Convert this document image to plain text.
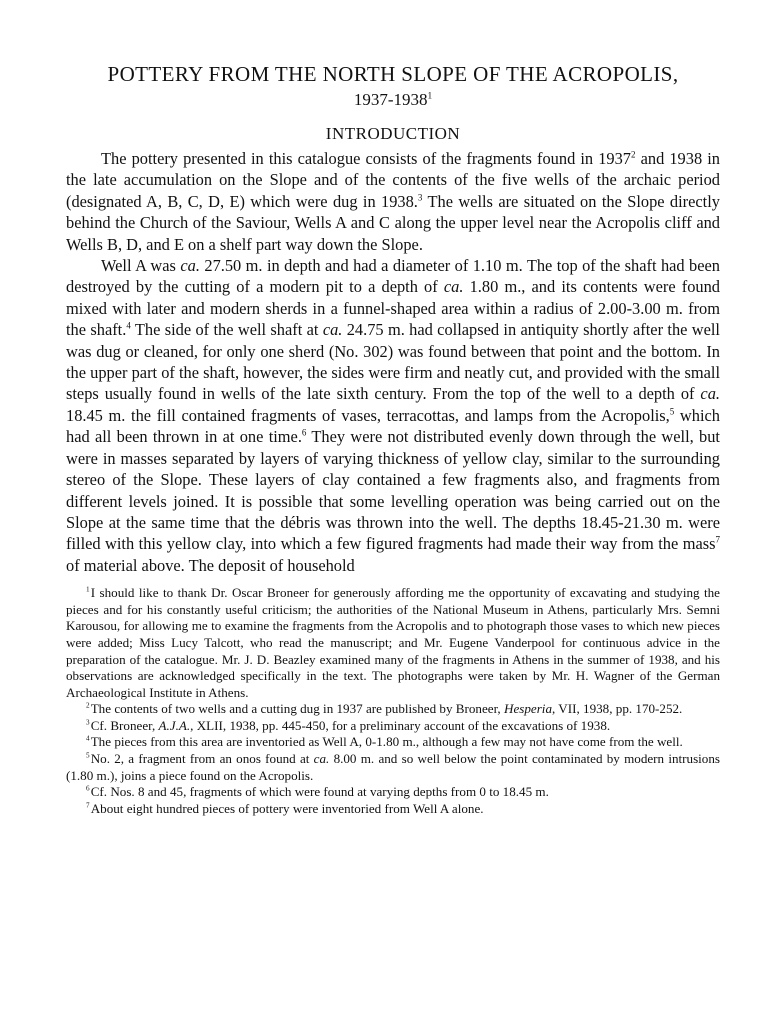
POTTERY FROM THE NORTH SLOPE OF THE ACROPOLIS,
1937-1938$^1$
INTRODUCTION

The pottery presented in this catalogue consists of the fragments found in 1937$^2$ and 1938 in the late accumulation on the Slope and of the contents of the five wells of the archaic period (designated A, B, C, D, E) which were dug in 1938.$^3$ The wells are situated on the Slope directly behind the Church of the Saviour, Wells A and C along the upper level near the Acropolis cliff and Wells B, D, and E on a shelf part way down the Slope.

Well A was ca. 27.50 m. in depth and had a diameter of 1.10 m. The top of the shaft had been destroyed by the cutting of a modern pit to a depth of ca. 1.80 m., and its contents were found mixed with later and modern sherds in a funnel-shaped area within a radius of 2.00-3.00 m. from the shaft.$^4$ The side of the well shaft at ca. 24.75 m. had collapsed in antiquity shortly after the well was dug or cleaned, for only one sherd (No. 302) was found between that point and the bottom. In the upper part of the shaft, however, the sides were firm and neatly cut, and provided with the small steps usually found in wells of the late sixth century. From the top of the well to a depth of ca. 18.45 m. the fill contained fragments of vases, terracottas, and lamps from the Acropolis,$^5$ which had all been thrown in at one time.$^6$ They were not distributed evenly down through the well, but were in masses separated by layers of varying thickness of yellow clay, similar to the surrounding stereo of the Slope. These layers of clay contained a few fragments also, and fragments from different levels joined. It is possible that some levelling operation was being carried out on the Slope at the same time that the débris was thrown into the well. The depths 18.45-21.30 m. were filled with this yellow clay, into which a few figured fragments had made their way from the mass$^7$ of material above. The deposit of household

$^1$ I should like to thank Dr. Oscar Broneer for generously affording me the opportunity of excavating and studying the pieces and for his constantly useful criticism; the authorities of the National Museum in Athens, particularly Mrs. Semni Karousou, for allowing me to examine the fragments from the Acropolis and to photograph those vases to which new pieces were added; Miss Lucy Talcott, who read the manuscript; and Mr. Eugene Vanderpool for continuous advice in the preparation of the catalogue. Mr. J. D. Beazley examined many of the fragments in Athens in the summer of 1938, and his observations are acknowledged specifically in the text. The photographs were taken by Mr. H. Wagner of the German Archaeological Institute in Athens.

$^2$ The contents of two wells and a cutting dug in 1937 are published by Broneer, Hesperia, VII, 1938, pp. 170-252.

$^3$ Cf. Broneer, A.J.A., XLII, 1938, pp. 445-450, for a preliminary account of the excavations of 1938.

$^4$ The pieces from this area are inventoried as Well A, 0-1.80 m., although a few may not have come from the well.

$^5$ No. 2, a fragment from an onos found at ca. 8.00 m. and so well below the point contaminated by modern intrusions (1.80 m.), joins a piece found on the Acropolis.

$^6$ Cf. Nos. 8 and 45, fragments of which were found at varying depths from 0 to 18.45 m.

$^7$ About eight hundred pieces of pottery were inventoried from Well A alone.
